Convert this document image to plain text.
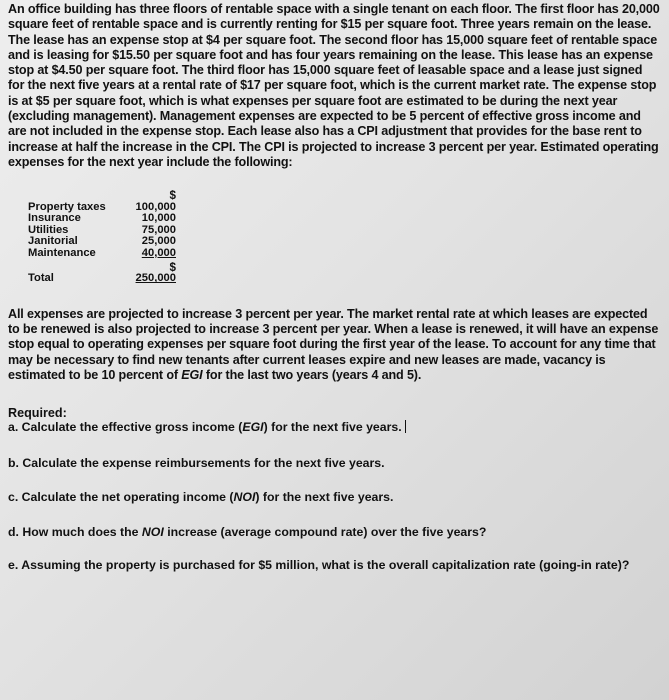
An office building has three floors of rentable space with a single tenant on each floor. The first floor has 20,000 square feet of rentable space and is currently renting for $15 per square foot. Three years remain on the lease. The lease has an expense stop at $4 per square foot. The second floor has 15,000 square feet of rentable space and is leasing for $15.50 per square foot and has four years remaining on the lease. This lease has an expense stop at $4.50 per square foot. The third floor has 15,000 square feet of leasable space and a lease just signed for the next five years at a rental rate of $17 per square foot, which is the current market rate. The expense stop is at $5 per square foot, which is what expenses per square foot are estimated to be during the next year (excluding management). Management expenses are expected to be 5 percent of effective gross income and are not included in the expense stop. Each lease also has a CPI adjustment that provides for the base rent to increase at half the increase in the CPI. The CPI is projected to increase 3 percent per year. Estimated operating expenses for the next year include the following:

	$
Property taxes	100,000
Insurance	10,000
Utilities	75,000
Janitorial	25,000
Maintenance	40,000
	$
Total	250,000

All expenses are projected to increase 3 percent per year. The market rental rate at which leases are expected to be renewed is also projected to increase 3 percent per year. When a lease is renewed, it will have an expense stop equal to operating expenses per square foot during the first year of the lease. To account for any time that may be necessary to find new tenants after current leases expire and new leases are made, vacancy is estimated to be 10 percent of EGI for the last two years (years 4 and 5).

Required:

a. Calculate the effective gross income (EGI) for the next five years.

b. Calculate the expense reimbursements for the next five years.

c. Calculate the net operating income (NOI) for the next five years.

d. How much does the NOI increase (average compound rate) over the five years?

e. Assuming the property is purchased for $5 million, what is the overall capitalization rate (going-in rate)?
